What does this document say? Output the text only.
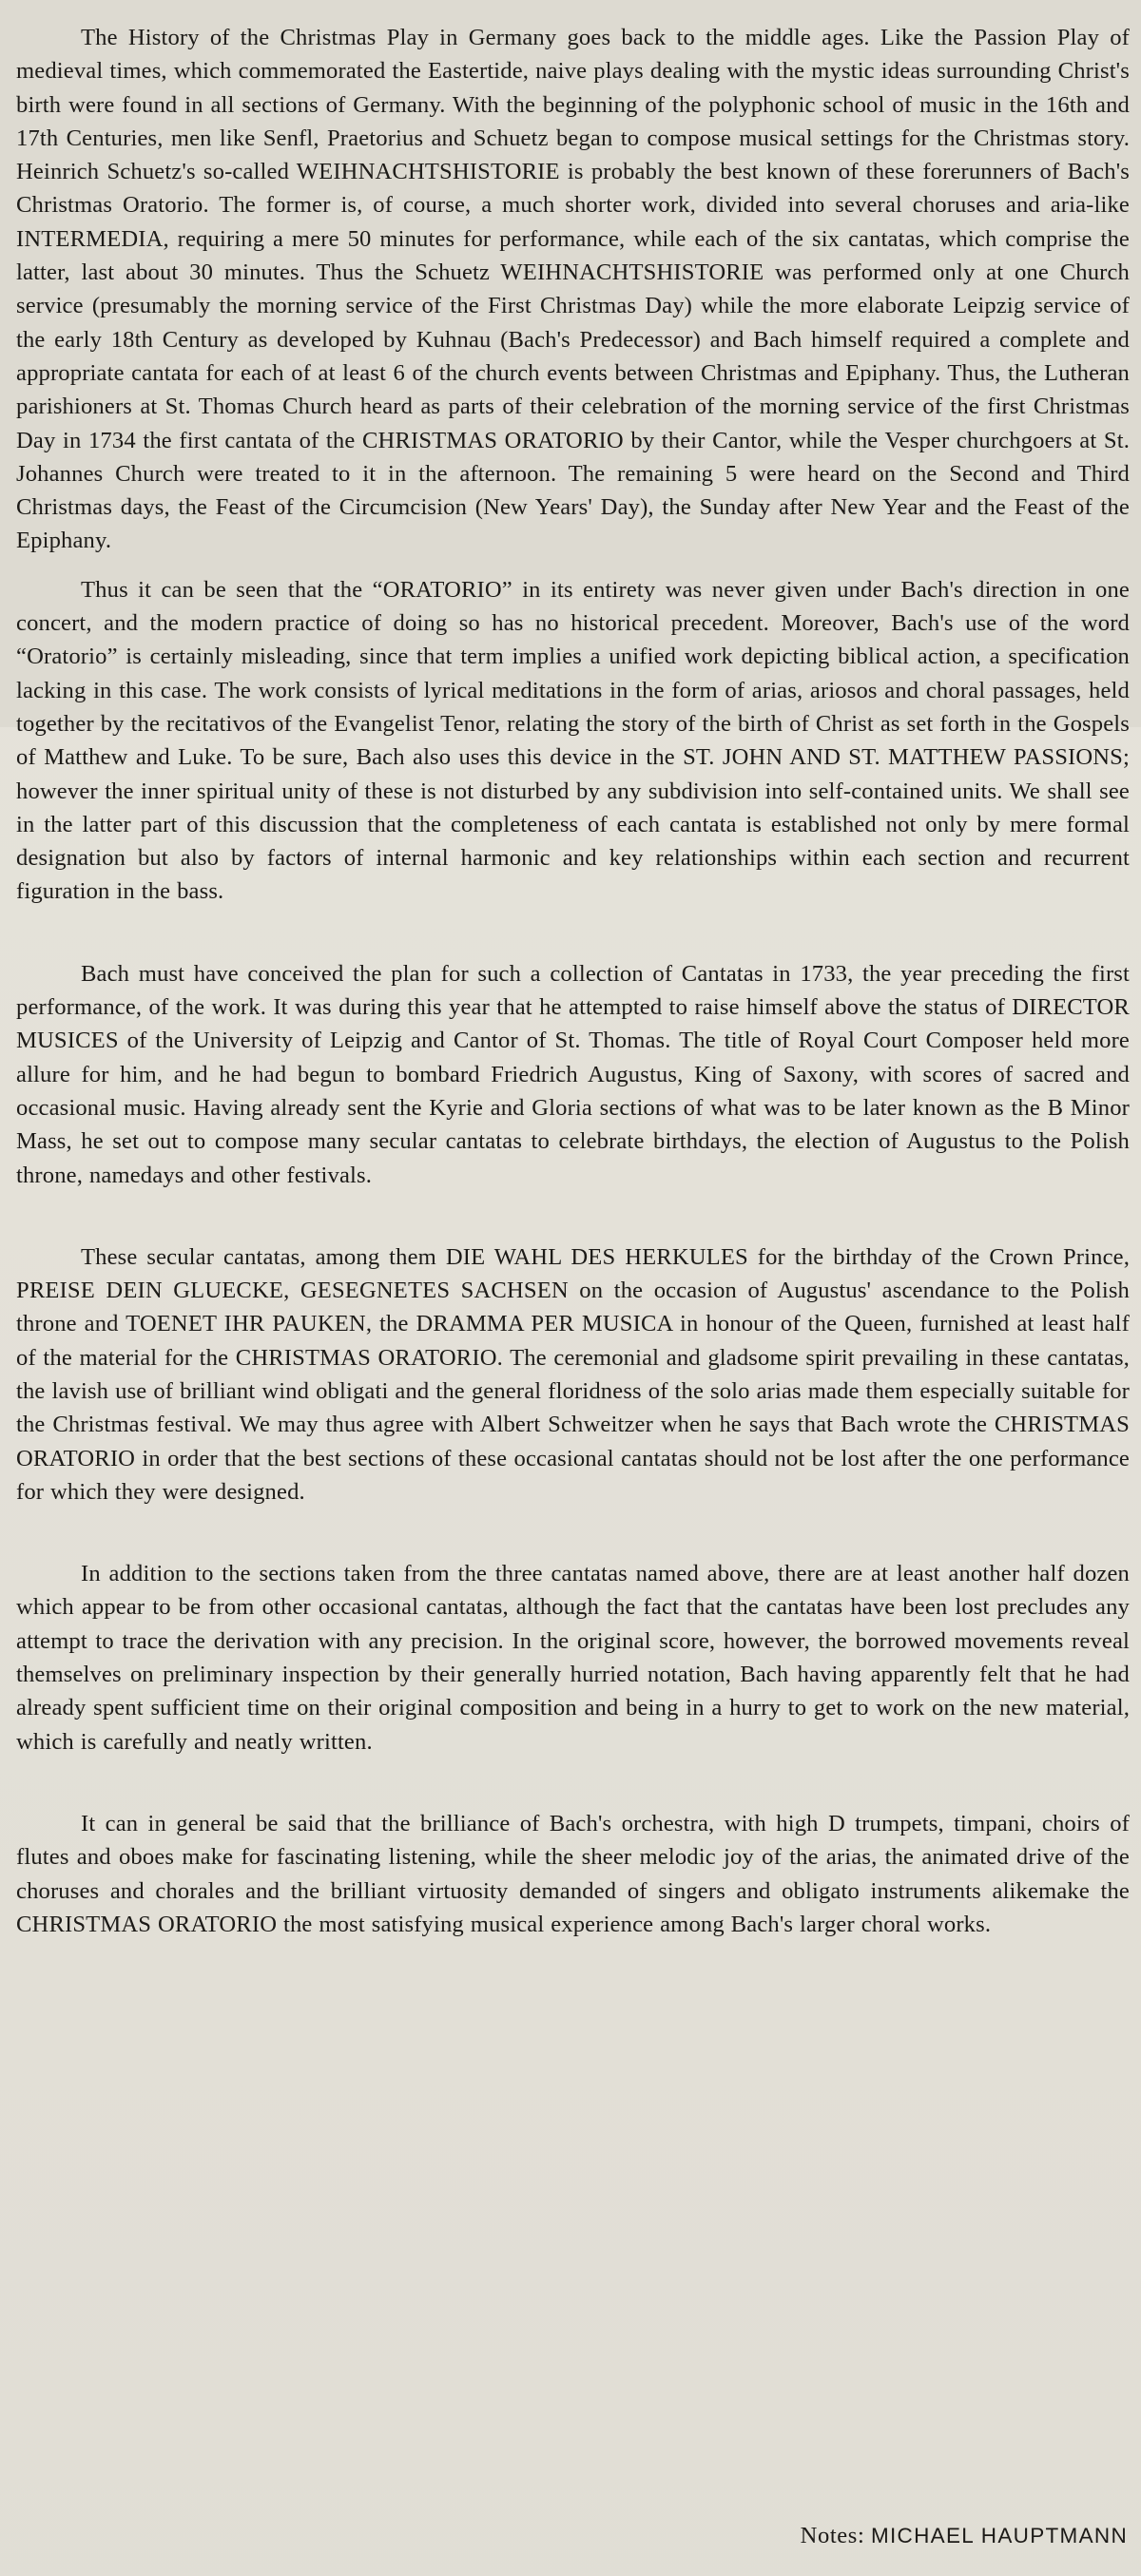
The History of the Christmas Play in Germany goes back to the middle ages. Like the Passion Play of medieval times, which commemorated the Eastertide, naive plays dealing with the mystic ideas surrounding Christ's birth were found in all sections of Germany. With the beginning of the polyphonic school of music in the 16th and 17th Centuries, men like Senfl, Praetorius and Schuetz began to compose musical settings for the Christmas story. Heinrich Schuetz's so-called WEIHNACHTSHISTORIE is probably the best known of these forerunners of Bach's Christmas Oratorio. The former is, of course, a much shorter work, divided into several choruses and aria-like INTERMEDIA, requiring a mere 50 minutes for performance, while each of the six cantatas, which comprise the latter, last about 30 minutes. Thus the Schuetz WEIHNACHTSHISTORIE was performed only at one Church service (presumably the morning service of the First Christmas Day) while the more elaborate Leipzig service of the early 18th Century as developed by Kuhnau (Bach's Predecessor) and Bach himself required a complete and appropriate cantata for each of at least 6 of the church events between Christmas and Epiphany. Thus, the Lutheran parishioners at St. Thomas Church heard as parts of their celebration of the morning service of the first Christmas Day in 1734 the first cantata of the CHRISTMAS ORATORIO by their Cantor, while the Vesper churchgoers at St. Johannes Church were treated to it in the afternoon. The remaining 5 were heard on the Second and Third Christmas days, the Feast of the Circumcision (New Years' Day), the Sunday after New Year and the Feast of the Epiphany.

Thus it can be seen that the “ORATORIO” in its entirety was never given under Bach's direction in one concert, and the modern practice of doing so has no historical precedent. Moreover, Bach's use of the word “Oratorio” is certainly misleading, since that term implies a unified work depicting biblical action, a specification lacking in this case. The work consists of lyrical meditations in the form of arias, ariosos and choral passages, held together by the recitativos of the Evangelist Tenor, relating the story of the birth of Christ as set forth in the Gospels of Matthew and Luke. To be sure, Bach also uses this device in the ST. JOHN AND ST. MATTHEW PASSIONS; however the inner spiritual unity of these is not disturbed by any subdivision into self-contained units. We shall see in the latter part of this discussion that the completeness of each cantata is established not only by mere formal designation but also by factors of internal harmonic and key relationships within each section and recurrent figuration in the bass.

Bach must have conceived the plan for such a collection of Cantatas in 1733, the year preceding the first performance, of the work. It was during this year that he attempted to raise himself above the status of DIRECTOR MUSICES of the University of Leipzig and Cantor of St. Thomas. The title of Royal Court Composer held more allure for him, and he had begun to bombard Friedrich Augustus, King of Saxony, with scores of sacred and occasional music. Having already sent the Kyrie and Gloria sections of what was to be later known as the B Minor Mass, he set out to compose many secular cantatas to celebrate birthdays, the election of Augustus to the Polish throne, namedays and other festivals.

These secular cantatas, among them DIE WAHL DES HERKULES for the birthday of the Crown Prince, PREISE DEIN GLUECKE, GESEGNETES SACHSEN on the occasion of Augustus' ascendance to the Polish throne and TOENET IHR PAUKEN, the DRAMMA PER MUSICA in honour of the Queen, furnished at least half of the material for the CHRISTMAS ORATORIO. The ceremonial and gladsome spirit prevailing in these cantatas, the lavish use of brilliant wind obligati and the general floridness of the solo arias made them especially suitable for the Christmas festival. We may thus agree with Albert Schweitzer when he says that Bach wrote the CHRISTMAS ORATORIO in order that the best sections of these occasional cantatas should not be lost after the one performance for which they were designed.

In addition to the sections taken from the three cantatas named above, there are at least another half dozen which appear to be from other occasional cantatas, although the fact that the cantatas have been lost precludes any attempt to trace the derivation with any precision. In the original score, however, the borrowed movements reveal themselves on preliminary inspection by their generally hurried notation, Bach having apparently felt that he had already spent sufficient time on their original composition and being in a hurry to get to work on the new material, which is carefully and neatly written.

It can in general be said that the brilliance of Bach's orchestra, with high D trumpets, timpani, choirs of flutes and oboes make for fascinating listening, while the sheer melodic joy of the arias, the animated drive of the choruses and chorales and the brilliant virtuosity demanded of singers and obligato instruments alikemake the CHRISTMAS ORATORIO the most satisfying musical experience among Bach's larger choral works.

Notes: MICHAEL HAUPTMANN
